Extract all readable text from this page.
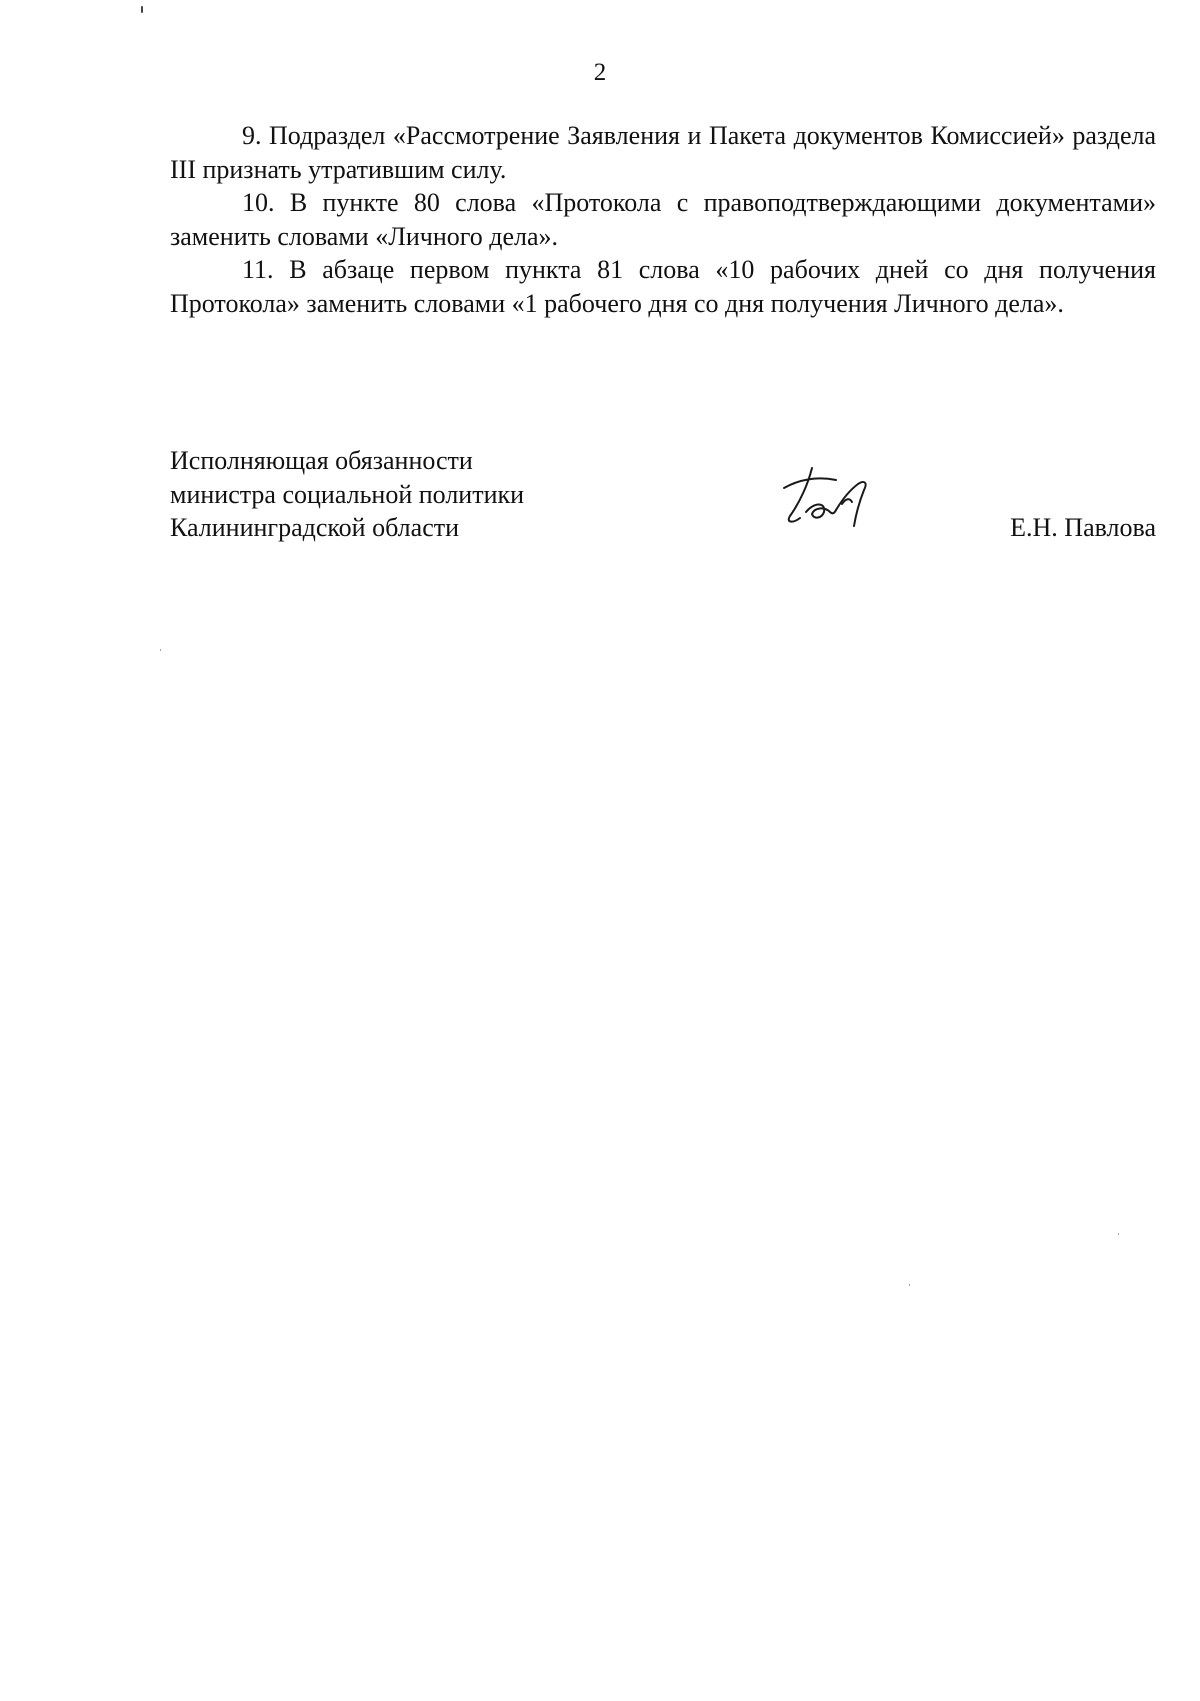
2

9. Подраздел «Рассмотрение Заявления и Пакета документов Комиссией» раздела III признать утратившим силу.

10. В пункте 80 слова «Протокола с правоподтверждающими документами» заменить словами «Личного дела».

11. В абзаце первом пункта 81 слова «10 рабочих дней со дня получения Протокола» заменить словами «1 рабочего дня со дня получения Личного дела».

Исполняющая обязанности
министра социальной политики
Калининградской области	Е.Н. Павлова
